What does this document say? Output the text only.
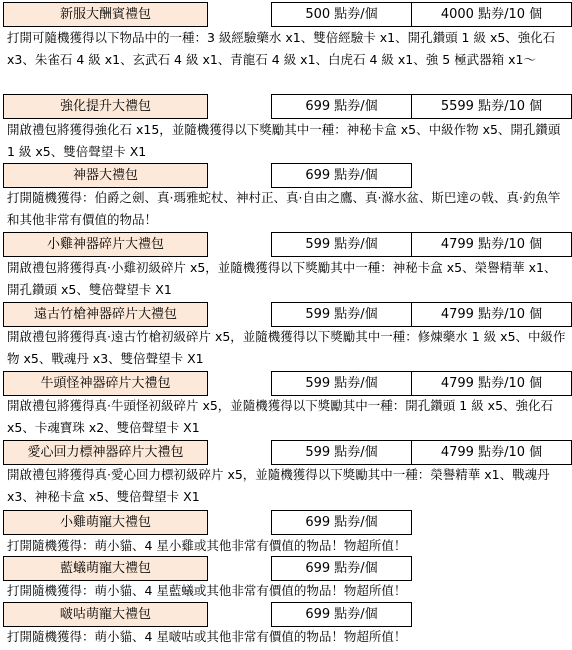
新服大酬賓禮包	500 點券/個	4000 點券/10 個

打開可隨機獲得以下物品中的一種：3 級經驗藥水 x1、雙倍經驗卡 x1、開孔鑽頭 1 級 x5、強化石 x3、朱雀石 4 級 x1、玄武石 4 級 x1、青龍石 4 級 x1、白虎石 4 級 x1、強 5 極武器箱 x1～

強化提升大禮包	699 點券/個	5599 點券/10 個

開啟禮包將獲得強化石 x15，並隨機獲得以下獎勵其中一種：神秘卡盒 x5、中級作物 x5、開孔鑽頭 1 級 x5、雙倍聲望卡 X1

神器大禮包	699 點券/個

打開隨機獲得：伯爵之劍、真·瑪雅蛇杖、神村正、真·自由之鷹、真·滌水盆、斯巴達の戟、真·釣魚竿和其他非常有價值的物品！

小雞神器碎片大禮包	599 點券/個	4799 點券/10 個

開啟禮包將獲得真·小雞初級碎片 x5，並隨機獲得以下獎勵其中一種：神秘卡盒 x5、榮譽精華 x1、開孔鑽頭 x5、雙倍聲望卡 X1

遠古竹槍神器碎片大禮包	599 點券/個	4799 點券/10 個

開啟禮包將獲得真·遠古竹槍初級碎片 x5，並隨機獲得以下獎勵其中一種：修煉藥水 1 級 x5、中級作物 x5、戰魂丹 x3、雙倍聲望卡 X1

牛頭怪神器碎片大禮包	599 點券/個	4799 點券/10 個

開啟禮包將獲得真·牛頭怪初級碎片 x5，並隨機獲得以下獎勵其中一種：開孔鑽頭 1 級 x5、強化石 x5、卡魂寶珠 x2、雙倍聲望卡 X1

愛心回力標神器碎片大禮包	599 點券/個	4799 點券/10 個

開啟禮包將獲得真·愛心回力標初級碎片 x5，並隨機獲得以下獎勵其中一種：榮譽精華 x1、戰魂丹 x3、神秘卡盒 x5、雙倍聲望卡 X1

小雞萌寵大禮包	699 點券/個

打開隨機獲得：萌小貓、4 星小雞或其他非常有價值的物品！物超所值！

藍蟻萌寵大禮包	699 點券/個

打開隨機獲得：萌小貓、4 星藍蟻或其他非常有價值的物品！物超所值！

啵咕萌寵大禮包	699 點券/個

打開隨機獲得：萌小貓、4 星啵咕或其他非常有價值的物品！物超所值！
